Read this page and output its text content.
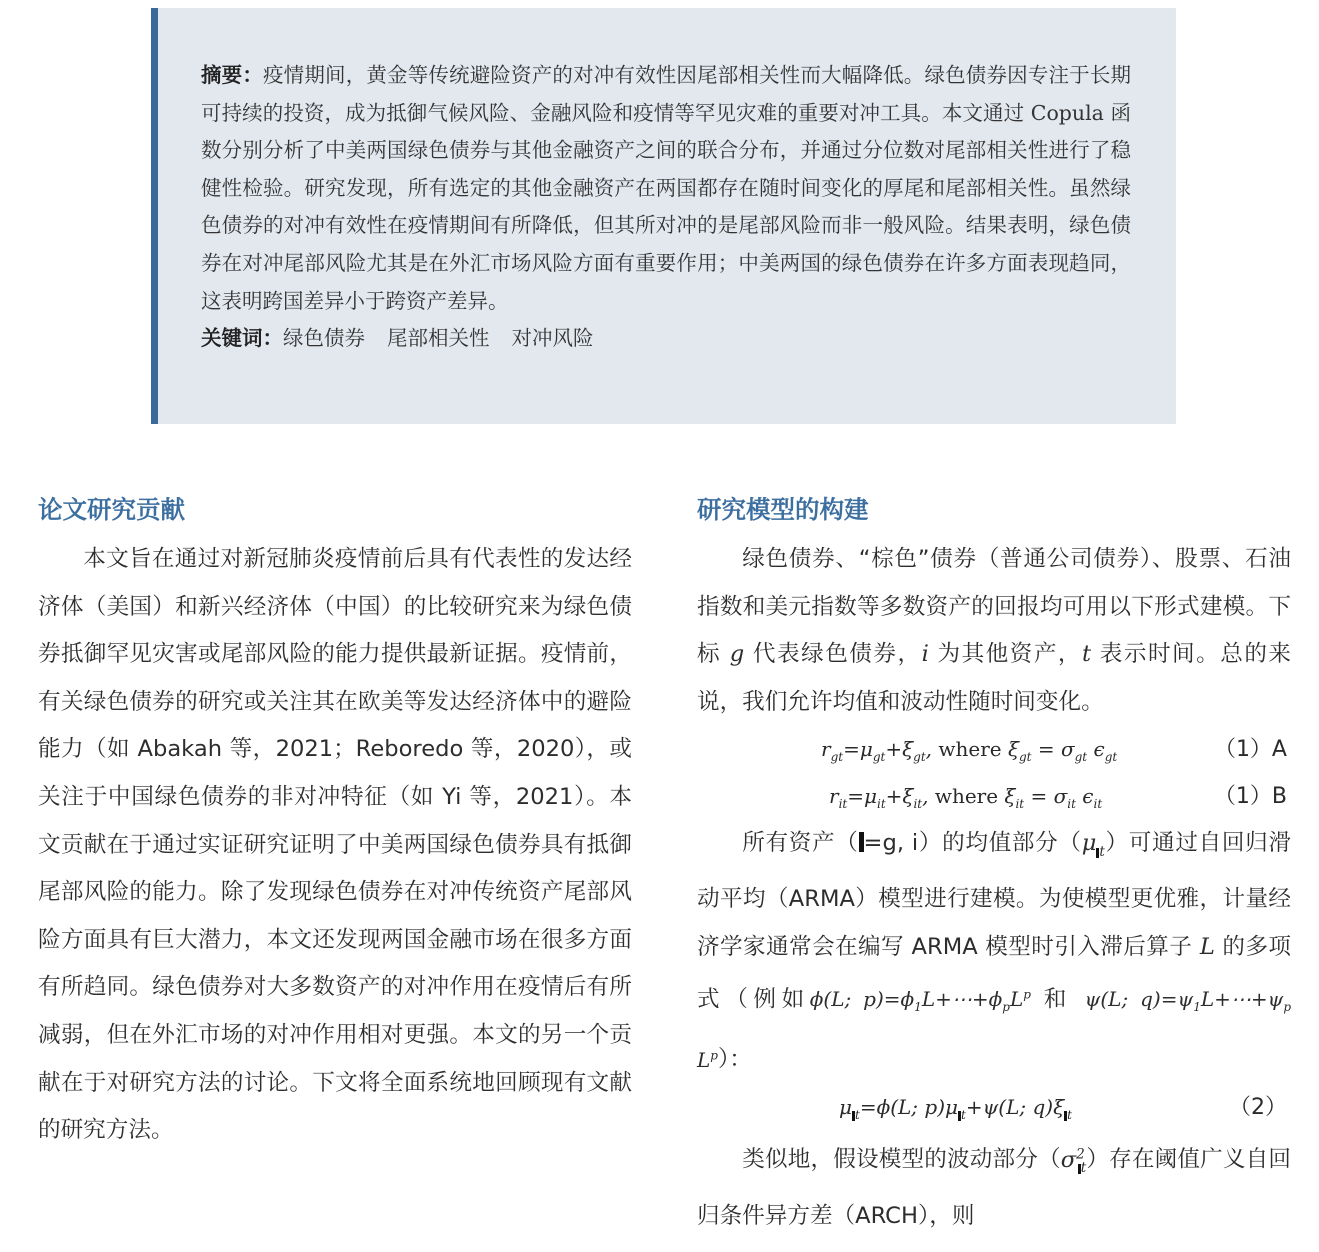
摘要：疫情期间，黄金等传统避险资产的对冲有效性因尾部相关性而大幅降低。绿色债券因专注于长期可持续的投资，成为抵御气候风险、金融风险和疫情等罕见灾难的重要对冲工具。本文通过 Copula 函数分别分析了中美两国绿色债券与其他金融资产之间的联合分布，并通过分位数对尾部相关性进行了稳健性检验。研究发现，所有选定的其他金融资产在两国都存在随时间变化的厚尾和尾部相关性。虽然绿色债券的对冲有效性在疫情期间有所降低，但其所对冲的是尾部风险而非一般风险。结果表明，绿色债券在对冲尾部风险尤其是在外汇市场风险方面有重要作用；中美两国的绿色债券在许多方面表现趋同，这表明跨国差异小于跨资产差异。

关键词：绿色债券 尾部相关性 对冲风险

论文研究贡献

本文旨在通过对新冠肺炎疫情前后具有代表性的发达经济体（美国）和新兴经济体（中国）的比较研究来为绿色债券抵御罕见灾害或尾部风险的能力提供最新证据。疫情前，有关绿色债券的研究或关注其在欧美等发达经济体中的避险能力（如 Abakah 等，2021；Reboredo 等，2020），或关注于中国绿色债券的非对冲特征（如 Yi 等，2021）。本文贡献在于通过实证研究证明了中美两国绿色债券具有抵御尾部风险的能力。除了发现绿色债券在对冲传统资产尾部风险方面具有巨大潜力，本文还发现两国金融市场在很多方面有所趋同。绿色债券对大多数资产的对冲作用在疫情后有所减弱，但在外汇市场的对冲作用相对更强。本文的另一个贡献在于对研究方法的讨论。下文将全面系统地回顾现有文献的研究方法。

研究模型的构建

绿色债券、“棕色”债券（普通公司债券）、股票、石油指数和美元指数等多数资产的回报均可用以下形式建模。下标 g 代表绿色债券，i 为其他资产，t 表示时间。总的来说，我们允许均值和波动性随时间变化。

$r_{gt}=\mu_{gt}+\xi_{gt}$, where $\xi_{gt} = \sigma_{gt}$ $\epsilon_{gt}$	（1）A
$r_{it}=\mu_{it}+\xi_{it}$, where $\xi_{it} = \sigma_{it}$ $\epsilon_{it}$	（1）B

所有资产（ =g, i）的均值部分（μ $_t$）可通过自回归滑动平均（ARMA）模型进行建模。为使模型更优雅，计量经济学家通常会在编写 ARMA 模型时引入滞后算子 L 的多项式（例如ϕ(L; $p)=\phi_1L+\cdots+\phi_pL^p$ 和 ψ(L; $q)=\psi_1L+\cdots+\psi_p$ $L^p$）：

μ $_t$=ϕ(L; p)μ $_t$+ψ(L; q)ξ $_t$	（2）

类似地，假设模型的波动部分$(\sigma^2_t)$存在阈值广义自回归条件异方差（ARCH），则
